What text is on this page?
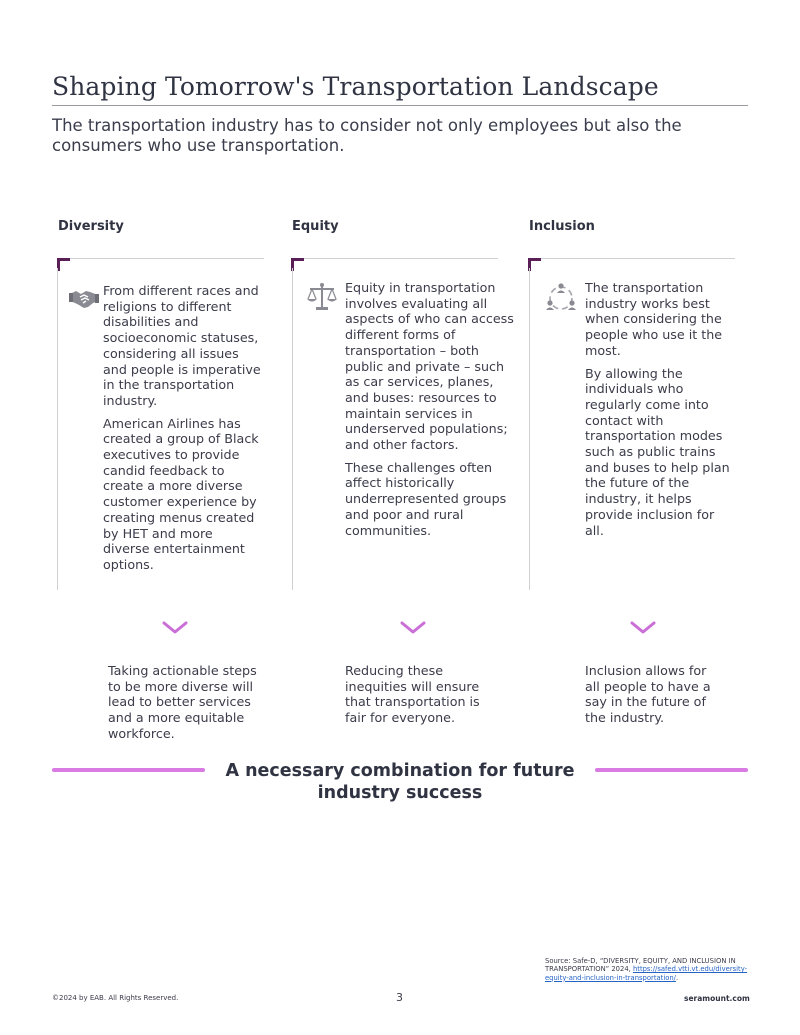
Shaping Tomorrow's Transportation Landscape
The transportation industry has to consider not only employees but also the consumers who use transportation.
Diversity

From different races and religions to different disabilities and socioeconomic statuses, considering all issues and people is imperative in the transportation industry.

American Airlines has created a group of Black executives to provide candid feedback to create a more diverse customer experience by creating menus created by HET and more diverse entertainment options.

Equity

Equity in transportation involves evaluating all aspects of who can access different forms of transportation – both public and private – such as car services, planes, and buses: resources to maintain services in underserved populations; and other factors.

These challenges often affect historically underrepresented groups and poor and rural communities.

Inclusion

The transportation industry works best when considering the people who use it the most.

By allowing the individuals who regularly come into contact with transportation modes such as public trains and buses to help plan the future of the industry, it helps provide inclusion for all.

Taking actionable steps to be more diverse will lead to better services and a more equitable workforce.
Reducing these inequities will ensure that transportation is fair for everyone.
Inclusion allows for all people to have a say in the future of the industry.
A necessary combination for future industry success
Source: Safe-D, “DIVERSITY, EQUITY, AND INCLUSION IN TRANSPORTATION” 2024, https://safed.vtti.vt.edu/diversity-equity-and-inclusion-in-transportation/.
©2024 by EAB. All Rights Reserved.	3	seramount.com
